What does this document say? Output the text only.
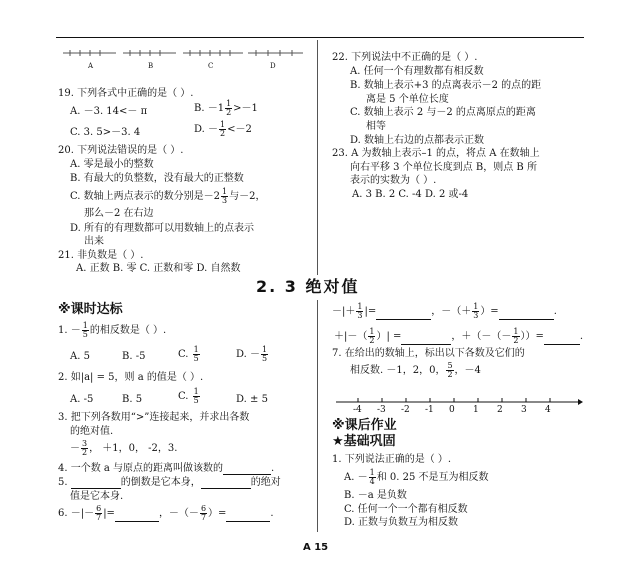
A	B	C	D
19. 下列各式中正确的是（ ）.
A. －3. 14<－ π	B. $-1 \frac{1}{2} >-1$
C. 3. 5>－3. 4	D. － $\frac{1}{2} <-2$
20. 下列说法错误的是（ ）.
A. 零是最小的整数
B. 有最大的负整数，没有最大的正整数
C. 数轴上两点表示的数分别是$-2 \frac{1}{3}$ 与－2，
那么－2 在右边
D. 所有的有理数都可以用数轴上的点表示
出来
21. 非负数是（ ）.
A. 正数 B. 零 C. 正数和零 D. 自然数
22. 下列说法中不正确的是（ ）.
A. 任何一个有理数都有相反数
B. 数轴上表示+3 的点离表示－2 的点的距
离是 5 个单位长度
C. 数轴上表示 2 与－2 的点离原点的距离
相等
D. 数轴上右边的点都表示正数
23. A 为数轴上表示–1 的点，将点 A 在数轴上
向右平移 3 个单位长度到点 B，则点 B 所
表示的实数为（ ）.
A. 3 B. 2 C. -4 D. 2 或-4
2. 3 绝对值
※课时达标
1. － $\frac{1}{5}$ 的相反数是（ ）.
A. 5	B. -5	C. $\frac{1}{5}$	D. － $\frac{1}{5}$
2. 如|a| = 5，则 a 的值是（ ）.
A. -5	B. 5	C. $\frac{1}{5}$	D. ± 5
3. 把下列各数用“>”连接起来，并求出各数
的绝对值.
－ $\frac{3}{2}$ ， ＋1，0， -2，3.
4. 一个数 a 与原点的距离叫做该数的	.
5.	的倒数是它本身，	的绝对
值是它本身.
6. －|－ $\frac{6}{7}$ |=	，－（－ $\frac{6}{7}$ ）=	.
－|＋ $\frac{1}{3}$ |=	，－（＋ $\frac{1}{3}$ ）=	.
＋|－（ $\frac{1}{2}$ ）| =	，＋（－（－ $\frac{1}{2}$ ））=	.
7. 在给出的数轴上，标出以下各数及它们的
相反数. －1，2，0， $\frac{5}{2}$ ，－4
-4 -3 -2 -1 0 1 2 3 4
※课后作业
★基础巩固
1. 下列说法正确的是（ ）.
A. － $\frac{1}{4}$ 和 0. 25 不是互为相反数
B. －a 是负数
C. 任何一个一个都有相反数
D. 正数与负数互为相反数
A 15
